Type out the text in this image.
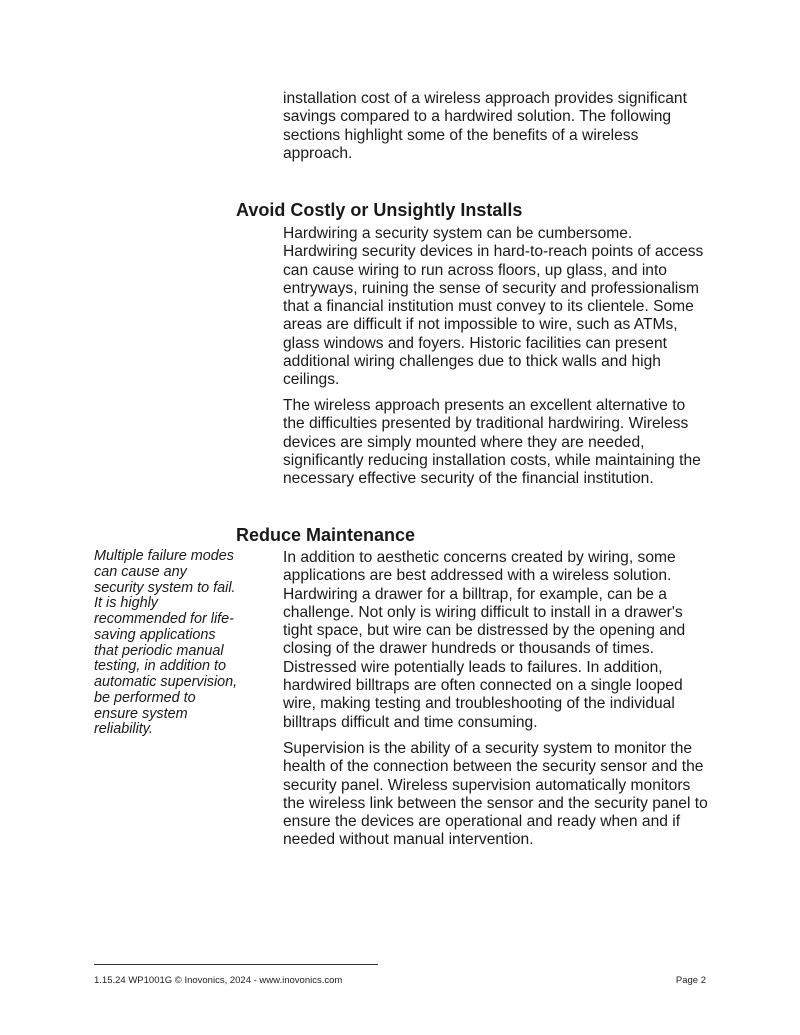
installation cost of a wireless approach provides significant savings compared to a hardwired solution. The following sections highlight some of the benefits of a wireless approach.

Avoid Costly or Unsightly Installs

Hardwiring a security system can be cumbersome. Hardwiring security devices in hard-to-reach points of access can cause wiring to run across floors, up glass, and into entryways, ruining the sense of security and professionalism that a financial institution must convey to its clientele. Some areas are difficult if not impossible to wire, such as ATMs, glass windows and foyers. Historic facilities can present additional wiring challenges due to thick walls and high ceilings.

The wireless approach presents an excellent alternative to the difficulties presented by traditional hardwiring. Wireless devices are simply mounted where they are needed, significantly reducing installation costs, while maintaining the necessary effective security of the financial institution.

Reduce Maintenance

Multiple failure modes can cause any security system to fail. It is highly recommended for life-saving applications that periodic manual testing, in addition to automatic supervision, be performed to ensure system reliability.

In addition to aesthetic concerns created by wiring, some applications are best addressed with a wireless solution. Hardwiring a drawer for a billtrap, for example, can be a challenge. Not only is wiring difficult to install in a drawer's tight space, but wire can be distressed by the opening and closing of the drawer hundreds or thousands of times. Distressed wire potentially leads to failures. In addition, hardwired billtraps are often connected on a single looped wire, making testing and troubleshooting of the individual billtraps difficult and time consuming.

Supervision is the ability of a security system to monitor the health of the connection between the security sensor and the security panel. Wireless supervision automatically monitors the wireless link between the sensor and the security panel to ensure the devices are operational and ready when and if needed without manual intervention.

1.15.24 WP1001G © Inovonics, 2024 - www.inovonics.com	Page 2
